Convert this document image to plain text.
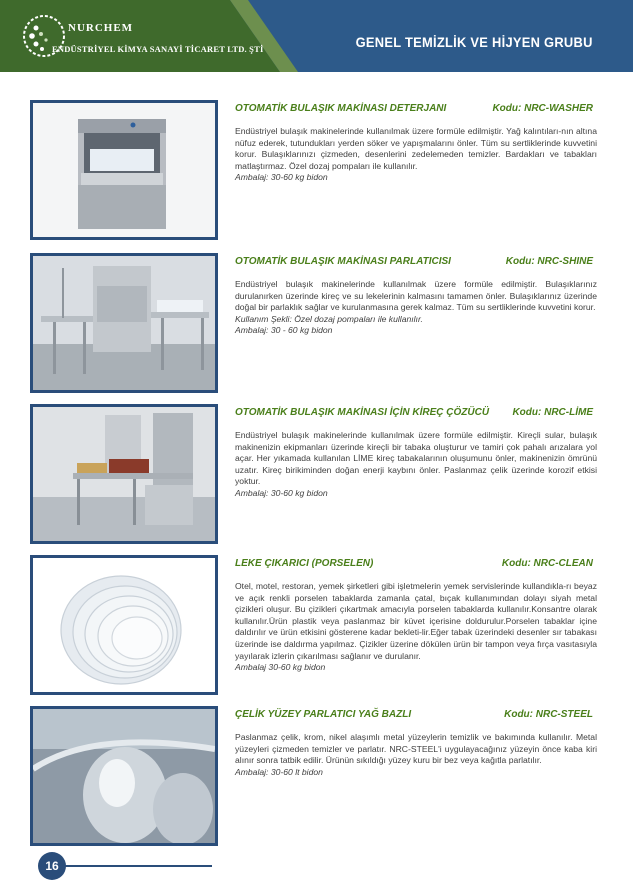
NURCHEM
ENDÜSTRİYEL KİMYA SANAYİ TİCARET LTD. ŞTİ	GENEL TEMİZLİK VE HİJYEN GRUBU
OTOMATİK BULAŞIK MAKİNASI DETERJANI	Kodu: NRC-WASHER

Endüstriyel bulaşık makinelerinde kullanılmak üzere formüle edilmiştir. Yağ kalıntıları-nın altına nüfuz ederek, tutundukları yerden söker ve yapışmalarını önler. Tüm su sertliklerinde kuvvetini korur. Bulaşıklarınızı çizmeden, desenlerini zedelemeden temizler. Bardakları ve tabakları matlaştırmaz. Özel dozaj pompaları ile kullanılır.

Ambalaj: 30-60 kg bidon
OTOMATİK BULAŞIK MAKİNASI PARLATICISI	Kodu: NRC-SHINE

Endüstriyel bulaşık makinelerinde kullanılmak üzere formüle edilmiştir. Bulaşıklarınız durulanırken üzerinde kireç ve su lekelerinin kalmasını tamamen önler. Bulaşıklarınız üzerinde doğal bir parlaklık sağlar ve kurulanmasına gerek kalmaz. Tüm su sertliklerinde kuvvetini korur.

Kullanım Şekli: Özel dozaj pompaları ile kullanılır.
Ambalaj: 30 - 60 kg bidon
OTOMATİK BULAŞIK MAKİNASI İÇİN KİREÇ ÇÖZÜCÜ Kodu: NRC-LİME

Endüstriyel bulaşık makinelerinde kullanılmak üzere formüle edilmiştir. Kireçli sular, bulaşık makinenizin ekipmanları üzerinde kireçli bir tabaka oluşturur ve tamiri çok pahalı arızalara yol açar. Her yıkamada kullanılan LİME kireç tabakalarının oluşumunu önler, makinenizin ömrünü uzatır. Kireç birikiminden doğan enerji kaybını önler. Paslanmaz çelik üzerinde korozif etkisi yoktur.

Ambalaj: 30-60 kg bidon
LEKE ÇIKARICI (PORSELEN)	Kodu: NRC-CLEAN

Otel, motel, restoran, yemek şirketleri gibi işletmelerin yemek servislerinde kullandıkla-rı beyaz ve açık renkli porselen tabaklarda zamanla çatal, bıçak kullanımından dolayı siyah metal çizikleri oluşur. Bu çizikleri çıkartmak amacıyla porselen tabaklarda kullanılır.Konsantre olarak kullanılır.Ürün plastik veya paslanmaz bir küvet içerisine doldurulur.Porselen tabaklar içine daldırılır ve ürün etkisini gösterene kadar bekleti-lir.Eğer tabak üzerindeki desenler sır tabakası üzerinde ise daldırma yapılmaz. Çizikler üzerine dökülen ürün bir tampon veya fırça vasıtasıyla yayılarak izlerin çıkarılması sağlanır ve durulanır.

Ambalaj 30-60 kg bidon
ÇELİK YÜZEY PARLATICI YAĞ BAZLI	Kodu: NRC-STEEL

Paslanmaz çelik, krom, nikel alaşımlı metal yüzeylerin temizlik ve bakımında kullanılır. Metal yüzeyleri çizmeden temizler ve parlatır. NRC-STEEL'i uygulayacağınız yüzeyin önce kaba kiri alınır sonra tatbik edilir. Ürünün sıkıldığı yüzey kuru bir bez veya kağıtla parlatılır.

Ambalaj: 30-60 lt bidon
16
